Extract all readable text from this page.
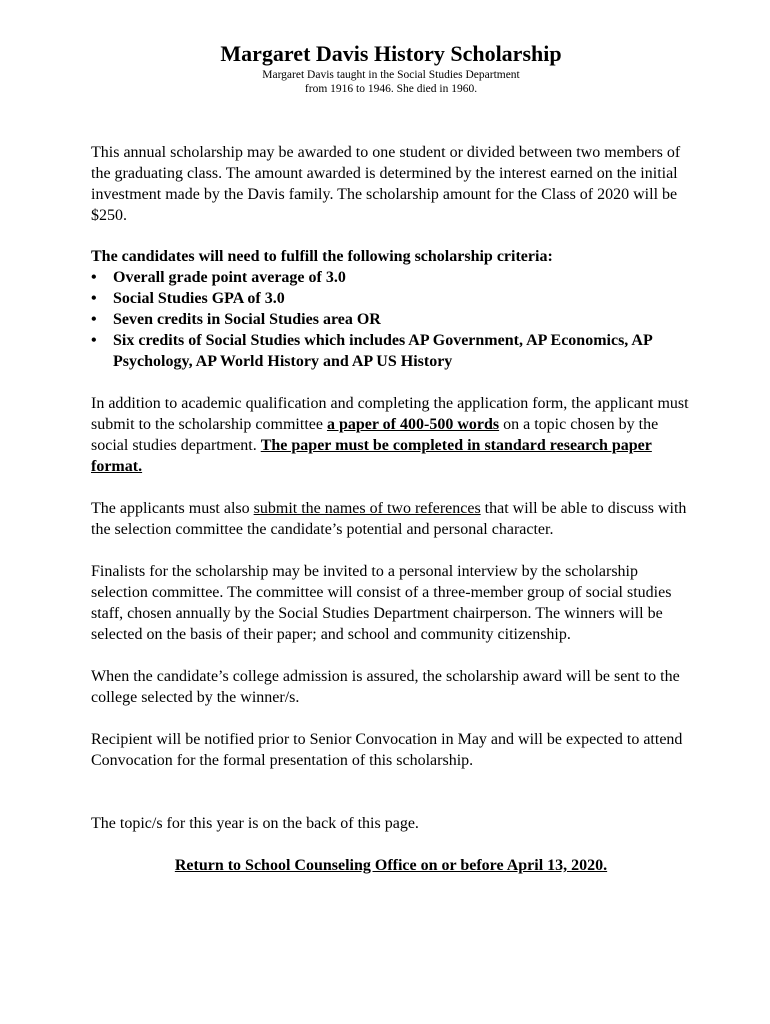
Margaret Davis History Scholarship

Margaret Davis taught in the Social Studies Department

from 1916 to 1946. She died in 1960.

This annual scholarship may be awarded to one student or divided between two members of the graduating class. The amount awarded is determined by the interest earned on the initial investment made by the Davis family. The scholarship amount for the Class of 2020 will be $250.

The candidates will need to fulfill the following scholarship criteria:

•	Overall grade point average of 3.0
•	Social Studies GPA of 3.0
•	Seven credits in Social Studies area OR
•	Six credits of Social Studies which includes AP Government, AP Economics, AP Psychology, AP World History and AP US History

In addition to academic qualification and completing the application form, the applicant must submit to the scholarship committee a paper of 400-500 words on a topic chosen by the social studies department. The paper must be completed in standard research paper format.

The applicants must also submit the names of two references that will be able to discuss with the selection committee the candidate’s potential and personal character.

Finalists for the scholarship may be invited to a personal interview by the scholarship selection committee. The committee will consist of a three-member group of social studies staff, chosen annually by the Social Studies Department chairperson. The winners will be selected on the basis of their paper; and school and community citizenship.

When the candidate’s college admission is assured, the scholarship award will be sent to the college selected by the winner/s.

Recipient will be notified prior to Senior Convocation in May and will be expected to attend Convocation for the formal presentation of this scholarship.

The topic/s for this year is on the back of this page.

Return to School Counseling Office on or before April 13, 2020.
